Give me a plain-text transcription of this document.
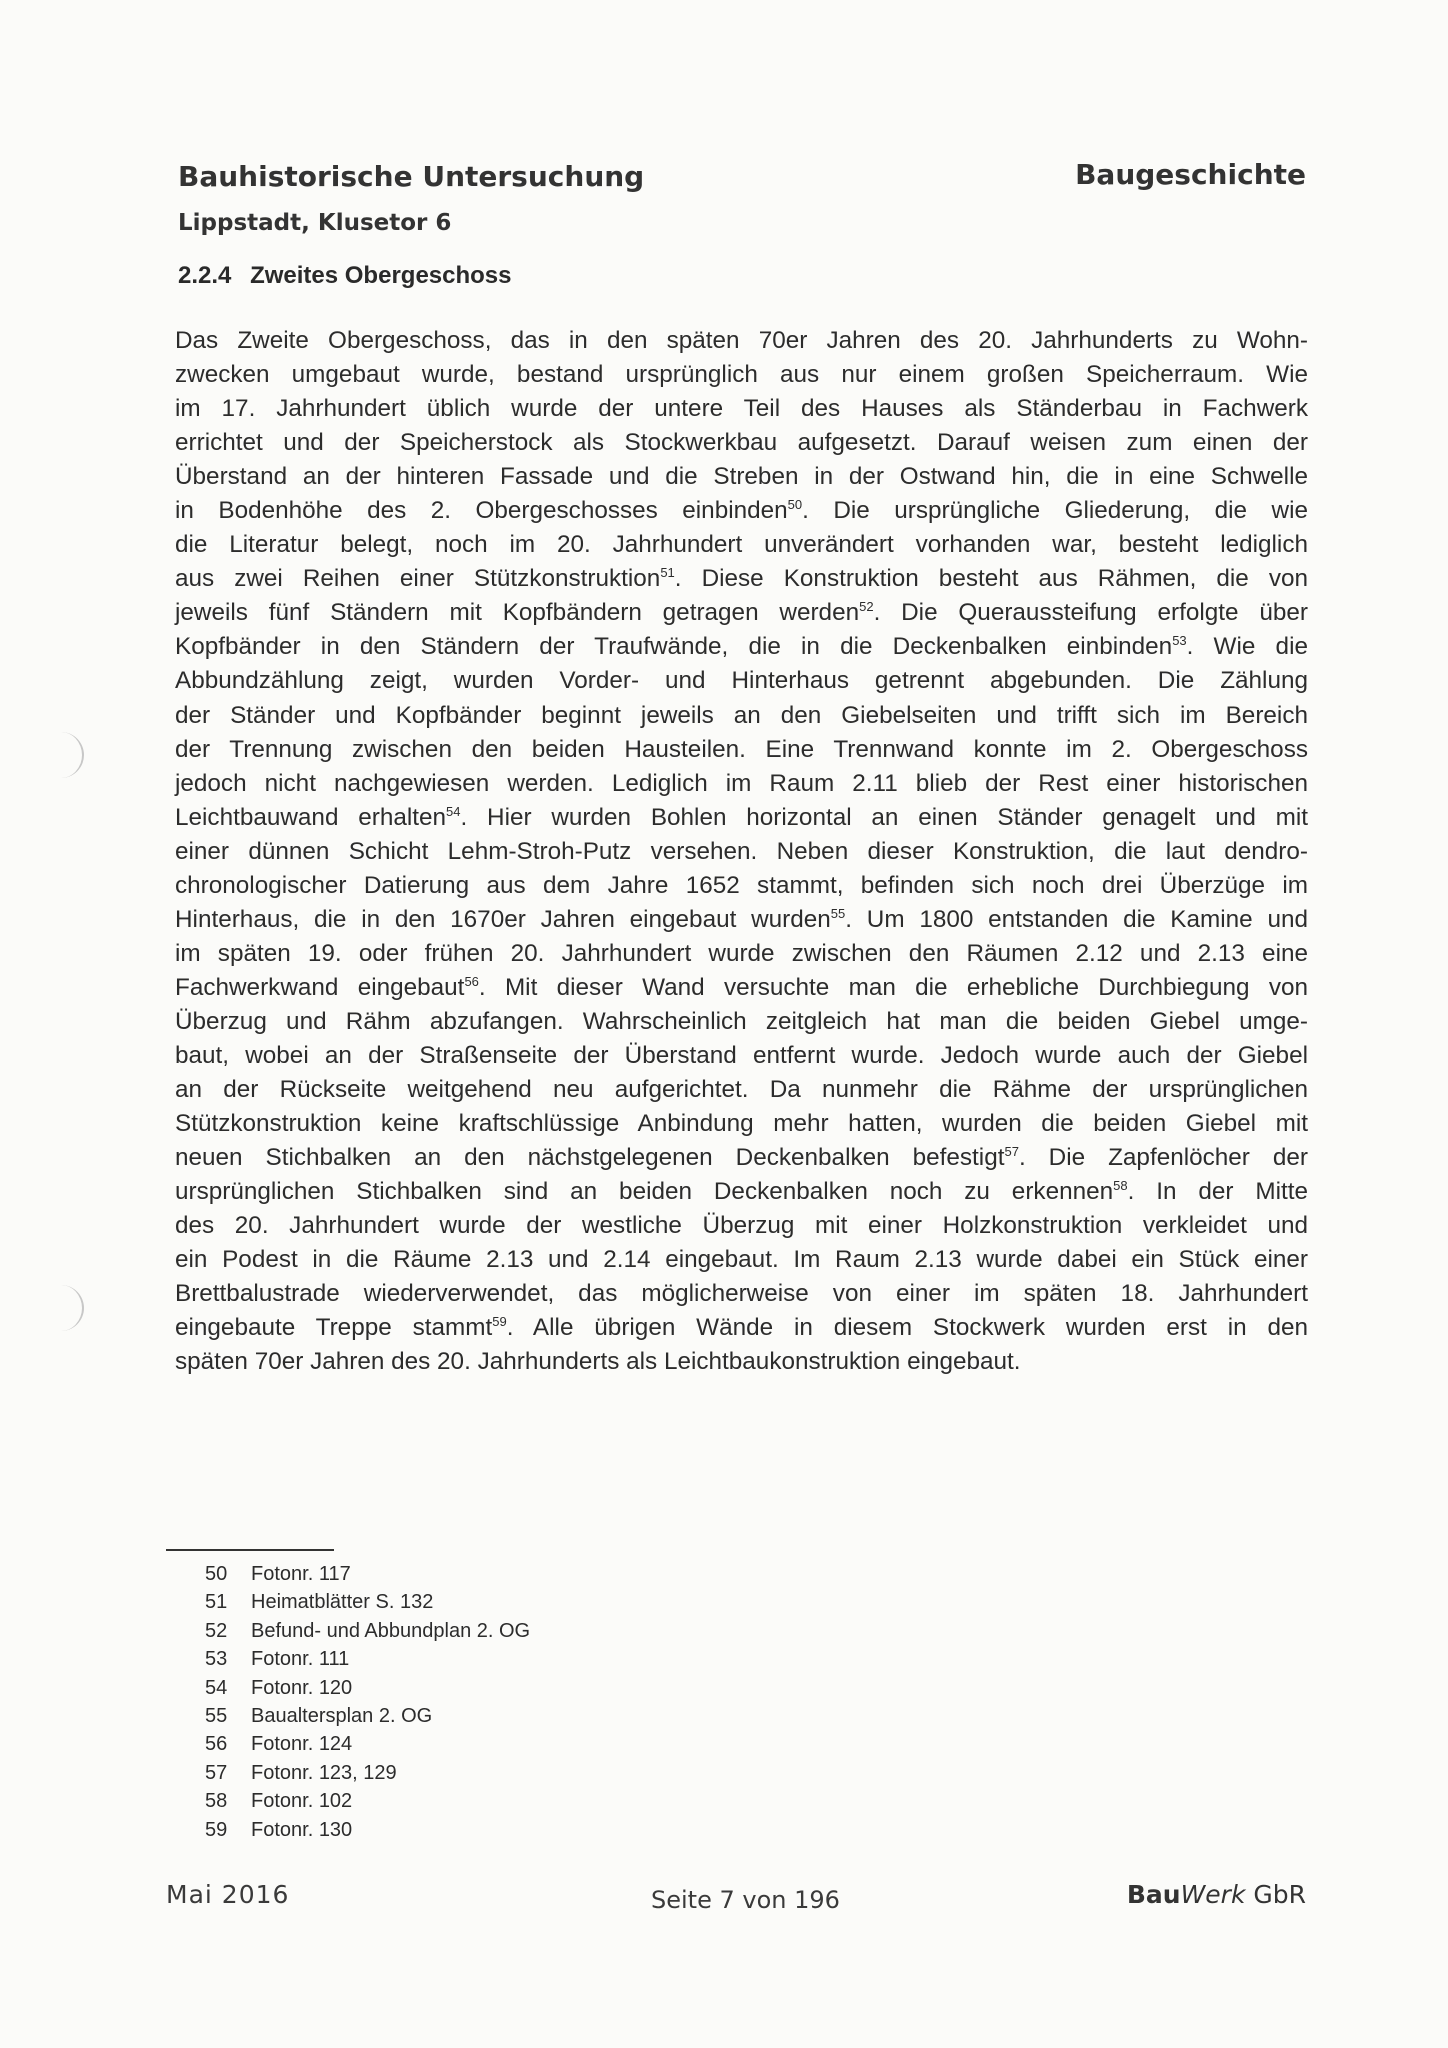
Bauhistorische Untersuchung	Baugeschichte
Lippstadt, Klusetor 6
2.2.4 Zweites Obergeschoss
Das Zweite Obergeschoss, das in den späten 70er Jahren des 20. Jahrhunderts zu Wohn-
zwecken umgebaut wurde, bestand ursprünglich aus nur einem großen Speicherraum. Wie
im 17. Jahrhundert üblich wurde der untere Teil des Hauses als Ständerbau in Fachwerk
errichtet und der Speicherstock als Stockwerkbau aufgesetzt. Darauf weisen zum einen der
Überstand an der hinteren Fassade und die Streben in der Ostwand hin, die in eine Schwelle
in Bodenhöhe des 2. Obergeschosses einbinden$^{50}$. Die ursprüngliche Gliederung, die wie
die Literatur belegt, noch im 20. Jahrhundert unverändert vorhanden war, besteht lediglich
aus zwei Reihen einer Stützkonstruktion$^{51}$. Diese Konstruktion besteht aus Rähmen, die von
jeweils fünf Ständern mit Kopfbändern getragen werden$^{52}$. Die Queraussteifung erfolgte über
Kopfbänder in den Ständern der Traufwände, die in die Deckenbalken einbinden$^{53}$. Wie die
Abbundzählung zeigt, wurden Vorder- und Hinterhaus getrennt abgebunden. Die Zählung
der Ständer und Kopfbänder beginnt jeweils an den Giebelseiten und trifft sich im Bereich
der Trennung zwischen den beiden Hausteilen. Eine Trennwand konnte im 2. Obergeschoss
jedoch nicht nachgewiesen werden. Lediglich im Raum 2.11 blieb der Rest einer historischen
Leichtbauwand erhalten$^{54}$. Hier wurden Bohlen horizontal an einen Ständer genagelt und mit
einer dünnen Schicht Lehm-Stroh-Putz versehen. Neben dieser Konstruktion, die laut dendro-
chronologischer Datierung aus dem Jahre 1652 stammt, befinden sich noch drei Überzüge im
Hinterhaus, die in den 1670er Jahren eingebaut wurden$^{55}$. Um 1800 entstanden die Kamine und
im späten 19. oder frühen 20. Jahrhundert wurde zwischen den Räumen 2.12 und 2.13 eine
Fachwerkwand eingebaut$^{56}$. Mit dieser Wand versuchte man die erhebliche Durchbiegung von
Überzug und Rähm abzufangen. Wahrscheinlich zeitgleich hat man die beiden Giebel umge-
baut, wobei an der Straßenseite der Überstand entfernt wurde. Jedoch wurde auch der Giebel
an der Rückseite weitgehend neu aufgerichtet. Da nunmehr die Rähme der ursprünglichen
Stützkonstruktion keine kraftschlüssige Anbindung mehr hatten, wurden die beiden Giebel mit
neuen Stichbalken an den nächstgelegenen Deckenbalken befestigt$^{57}$. Die Zapfenlöcher der
ursprünglichen Stichbalken sind an beiden Deckenbalken noch zu erkennen$^{58}$. In der Mitte
des 20. Jahrhundert wurde der westliche Überzug mit einer Holzkonstruktion verkleidet und
ein Podest in die Räume 2.13 und 2.14 eingebaut. Im Raum 2.13 wurde dabei ein Stück einer
Brettbalustrade wiederverwendet, das möglicherweise von einer im späten 18. Jahrhundert
eingebaute Treppe stammt$^{59}$. Alle übrigen Wände in diesem Stockwerk wurden erst in den
späten 70er Jahren des 20. Jahrhunderts als Leichtbaukonstruktion eingebaut.
50	Fotonr. 117
51	Heimatblätter S. 132
52	Befund- und Abbundplan 2. OG
53	Fotonr. 111
54	Fotonr. 120
55	Baualtersplan 2. OG
56	Fotonr. 124
57	Fotonr. 123, 129
58	Fotonr. 102
59	Fotonr. 130
Mai 2016	Seite 7 von 196	BauWerk GbR
